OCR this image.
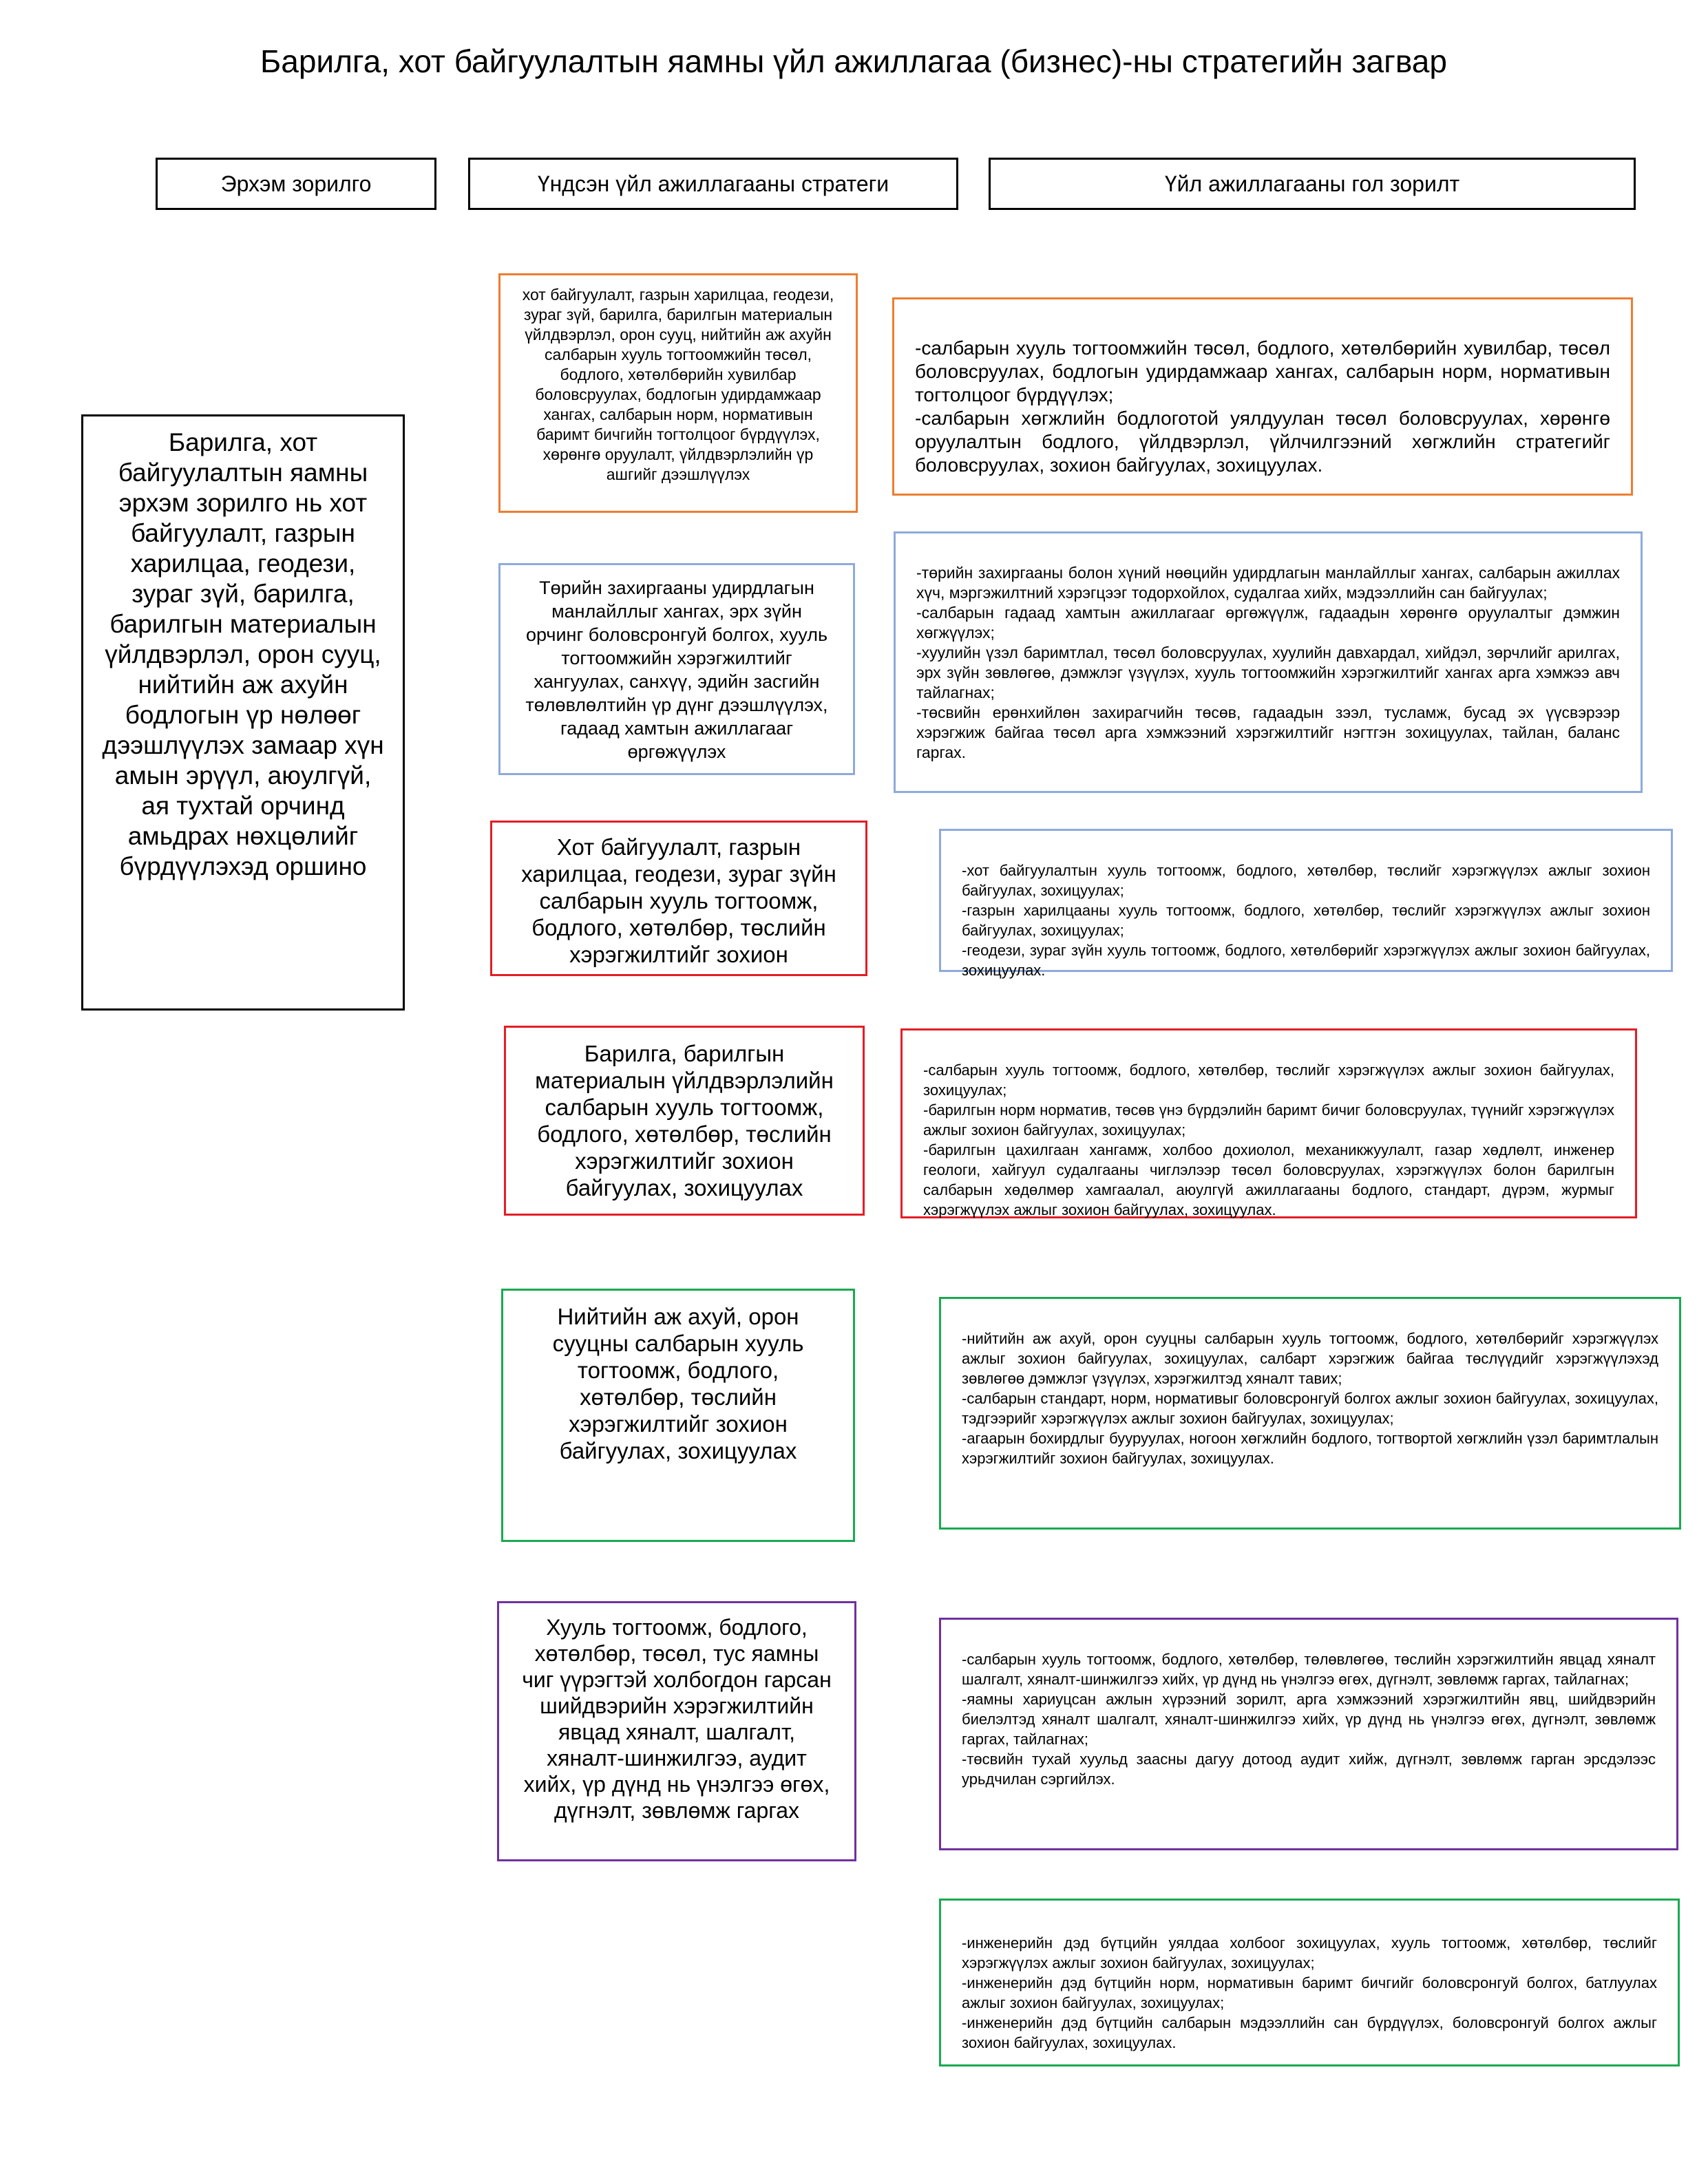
Барилга, хот байгуулалтын яамны үйл ажиллагаа (бизнес)-ны стратегийн загвар
Эрхэм зорилго	Үндсэн үйл ажиллагааны стратеги	Үйл ажиллагааны гол зорилт
Барилга, хот байгуулалтын яамны эрхэм зорилго нь хот байгуулалт, газрын харилцаа, геодези, зураг зүй, барилга, барилгын материалын үйлдвэрлэл, орон сууц, нийтийн аж ахуйн бодлогын үр нөлөөг дээшлүүлэх замаар хүн амын эрүүл, аюулгүй, ая тухтай орчинд амьдрах нөхцөлийг бүрдүүлэхэд оршино
хот байгуулалт, газрын харилцаа, геодези, зураг зүй, барилга, барилгын материалын үйлдвэрлэл, орон сууц, нийтийн аж ахуйн салбарын хууль тогтоомжийн төсөл, бодлого, хөтөлбөрийн хувилбар боловсруулах, бодлогын удирдамжаар хангах, салбарын норм, нормативын баримт бичгийн тогтолцоог бүрдүүлэх, хөрөнгө оруулалт, үйлдвэрлэлийн үр ашгийг дээшлүүлэх
Төрийн захиргааны удирдлагын манлайллыг хангах, эрх зүйн орчинг боловсронгуй болгох, хууль тогтоомжийн хэрэгжилтийг хангуулах, санхүү, эдийн засгийн төлөвлөлтийн үр дүнг дээшлүүлэх, гадаад хамтын ажиллагааг өргөжүүлэх
Хот байгуулалт, газрын харилцаа, геодези, зураг зүйн салбарын хууль тогтоомж, бодлого, хөтөлбөр, төслийн хэрэгжилтийг зохион
Барилга, барилгын материалын үйлдвэрлэлийн салбарын хууль тогтоомж, бодлого, хөтөлбөр, төслийн хэрэгжилтийг зохион байгуулах, зохицуулах
Нийтийн аж ахуй, орон сууцны салбарын хууль тогтоомж, бодлого, хөтөлбөр, төслийн хэрэгжилтийг зохион байгуулах, зохицуулах
Хууль тогтоомж, бодлого, хөтөлбөр, төсөл, тус яамны чиг үүрэгтэй холбогдон гарсан шийдвэрийн хэрэгжилтийн явцад хяналт, шалгалт, хяналт-шинжилгээ, аудит хийх, үр дүнд нь үнэлгээ өгөх, дүгнэлт, зөвлөмж гаргах

-салбарын хууль тогтоомжийн төсөл, бодлого, хөтөлбөрийн хувилбар, төсөл боловсруулах, бодлогын удирдамжаар хангах, салбарын норм, нормативын тогтолцоог бүрдүүлэх;
-салбарын хөгжлийн бодлоготой уялдуулан төсөл боловсруулах, хөрөнгө оруулалтын бодлого, үйлдвэрлэл, үйлчилгээний хөгжлийн стратегийг боловсруулах, зохион байгуулах, зохицуулах.

-төрийн захиргааны болон хүний нөөцийн удирдлагын манлайллыг хангах, салбарын ажиллах хүч, мэргэжилтний хэрэгцээг тодорхойлох, судалгаа хийх, мэдээллийн сан байгуулах;
-салбарын гадаад хамтын ажиллагааг өргөжүүлж, гадаадын хөрөнгө оруулалтыг дэмжин хөгжүүлэх;
-хуулийн үзэл баримтлал, төсөл боловсруулах, хуулийн давхардал, хийдэл, зөрчлийг арилгах, эрх зүйн зөвлөгөө, дэмжлэг үзүүлэх, хууль тогтоомжийн хэрэгжилтийг хангах арга хэмжээ авч тайлагнах;
-төсвийн ерөнхийлөн захирагчийн төсөв, гадаадын зээл, тусламж, бусад эх үүсвэрээр хэрэгжиж байгаа төсөл арга хэмжээний хэрэгжилтийг нэгтгэн зохицуулах, тайлан, баланс гаргах.

-хот байгуулалтын хууль тогтоомж, бодлого, хөтөлбөр, төслийг хэрэгжүүлэх ажлыг зохион байгуулах, зохицуулах;
-газрын харилцааны хууль тогтоомж, бодлого, хөтөлбөр, төслийг хэрэгжүүлэх ажлыг зохион байгуулах, зохицуулах;
-геодези, зураг зүйн хууль тогтоомж, бодлого, хөтөлбөрийг хэрэгжүүлэх ажлыг зохион байгуулах, зохицуулах.

-салбарын хууль тогтоомж, бодлого, хөтөлбөр, төслийг хэрэгжүүлэх ажлыг зохион байгуулах, зохицуулах;
-барилгын норм норматив, төсөв үнэ бүрдэлийн баримт бичиг боловсруулах, түүнийг хэрэгжүүлэх ажлыг зохион байгуулах, зохицуулах;
-барилгын цахилгаан хангамж, холбоо дохиолол, механикжуулалт, газар хөдлөлт, инженер геологи, хайгуул судалгааны чиглэлээр төсөл боловсруулах, хэрэгжүүлэх болон барилгын салбарын хөдөлмөр хамгаалал, аюулгүй ажиллагааны бодлого, стандарт, дүрэм, журмыг хэрэгжүүлэх ажлыг зохион байгуулах, зохицуулах.

-нийтийн аж ахуй, орон сууцны салбарын хууль тогтоомж, бодлого, хөтөлбөрийг хэрэгжүүлэх ажлыг зохион байгуулах, зохицуулах, салбарт хэрэгжиж байгаа төслүүдийг хэрэгжүүлэхэд зөвлөгөө дэмжлэг үзүүлэх, хэрэгжилтэд хяналт тавих;
-салбарын стандарт, норм, нормативыг боловсронгуй болгох ажлыг зохион байгуулах, зохицуулах, тэдгээрийг хэрэгжүүлэх ажлыг зохион байгуулах, зохицуулах;
-агаарын бохирдлыг бууруулах, ногоон хөгжлийн бодлого, тогтвортой хөгжлийн үзэл баримтлалын хэрэгжилтийг зохион байгуулах, зохицуулах.

-салбарын хууль тогтоомж, бодлого, хөтөлбөр, төлөвлөгөө, төслийн хэрэгжилтийн явцад хяналт шалгалт, хяналт-шинжилгээ хийх, үр дүнд нь үнэлгээ өгөх, дүгнэлт, зөвлөмж гаргах, тайлагнах;
-яамны хариуцсан ажлын хүрээний зорилт, арга хэмжээний хэрэгжилтийн явц, шийдвэрийн биелэлтэд хяналт шалгалт, хяналт-шинжилгээ хийх, үр дүнд нь үнэлгээ өгөх, дүгнэлт, зөвлөмж гаргах, тайлагнах;
-төсвийн тухай хуульд заасны дагуу дотоод аудит хийж, дүгнэлт, зөвлөмж гарган эрсдэлээс урьдчилан сэргийлэх.

-инженерийн дэд бүтцийн уялдаа холбоог зохицуулах, хууль тогтоомж, хөтөлбөр, төслийг хэрэгжүүлэх ажлыг зохион байгуулах, зохицуулах;
-инженерийн дэд бүтцийн норм, нормативын баримт бичгийг боловсронгуй болгох, батлуулах ажлыг зохион байгуулах, зохицуулах;
-инженерийн дэд бүтцийн салбарын мэдээллийн сан бүрдүүлэх, боловсронгуй болгох ажлыг зохион байгуулах, зохицуулах.
